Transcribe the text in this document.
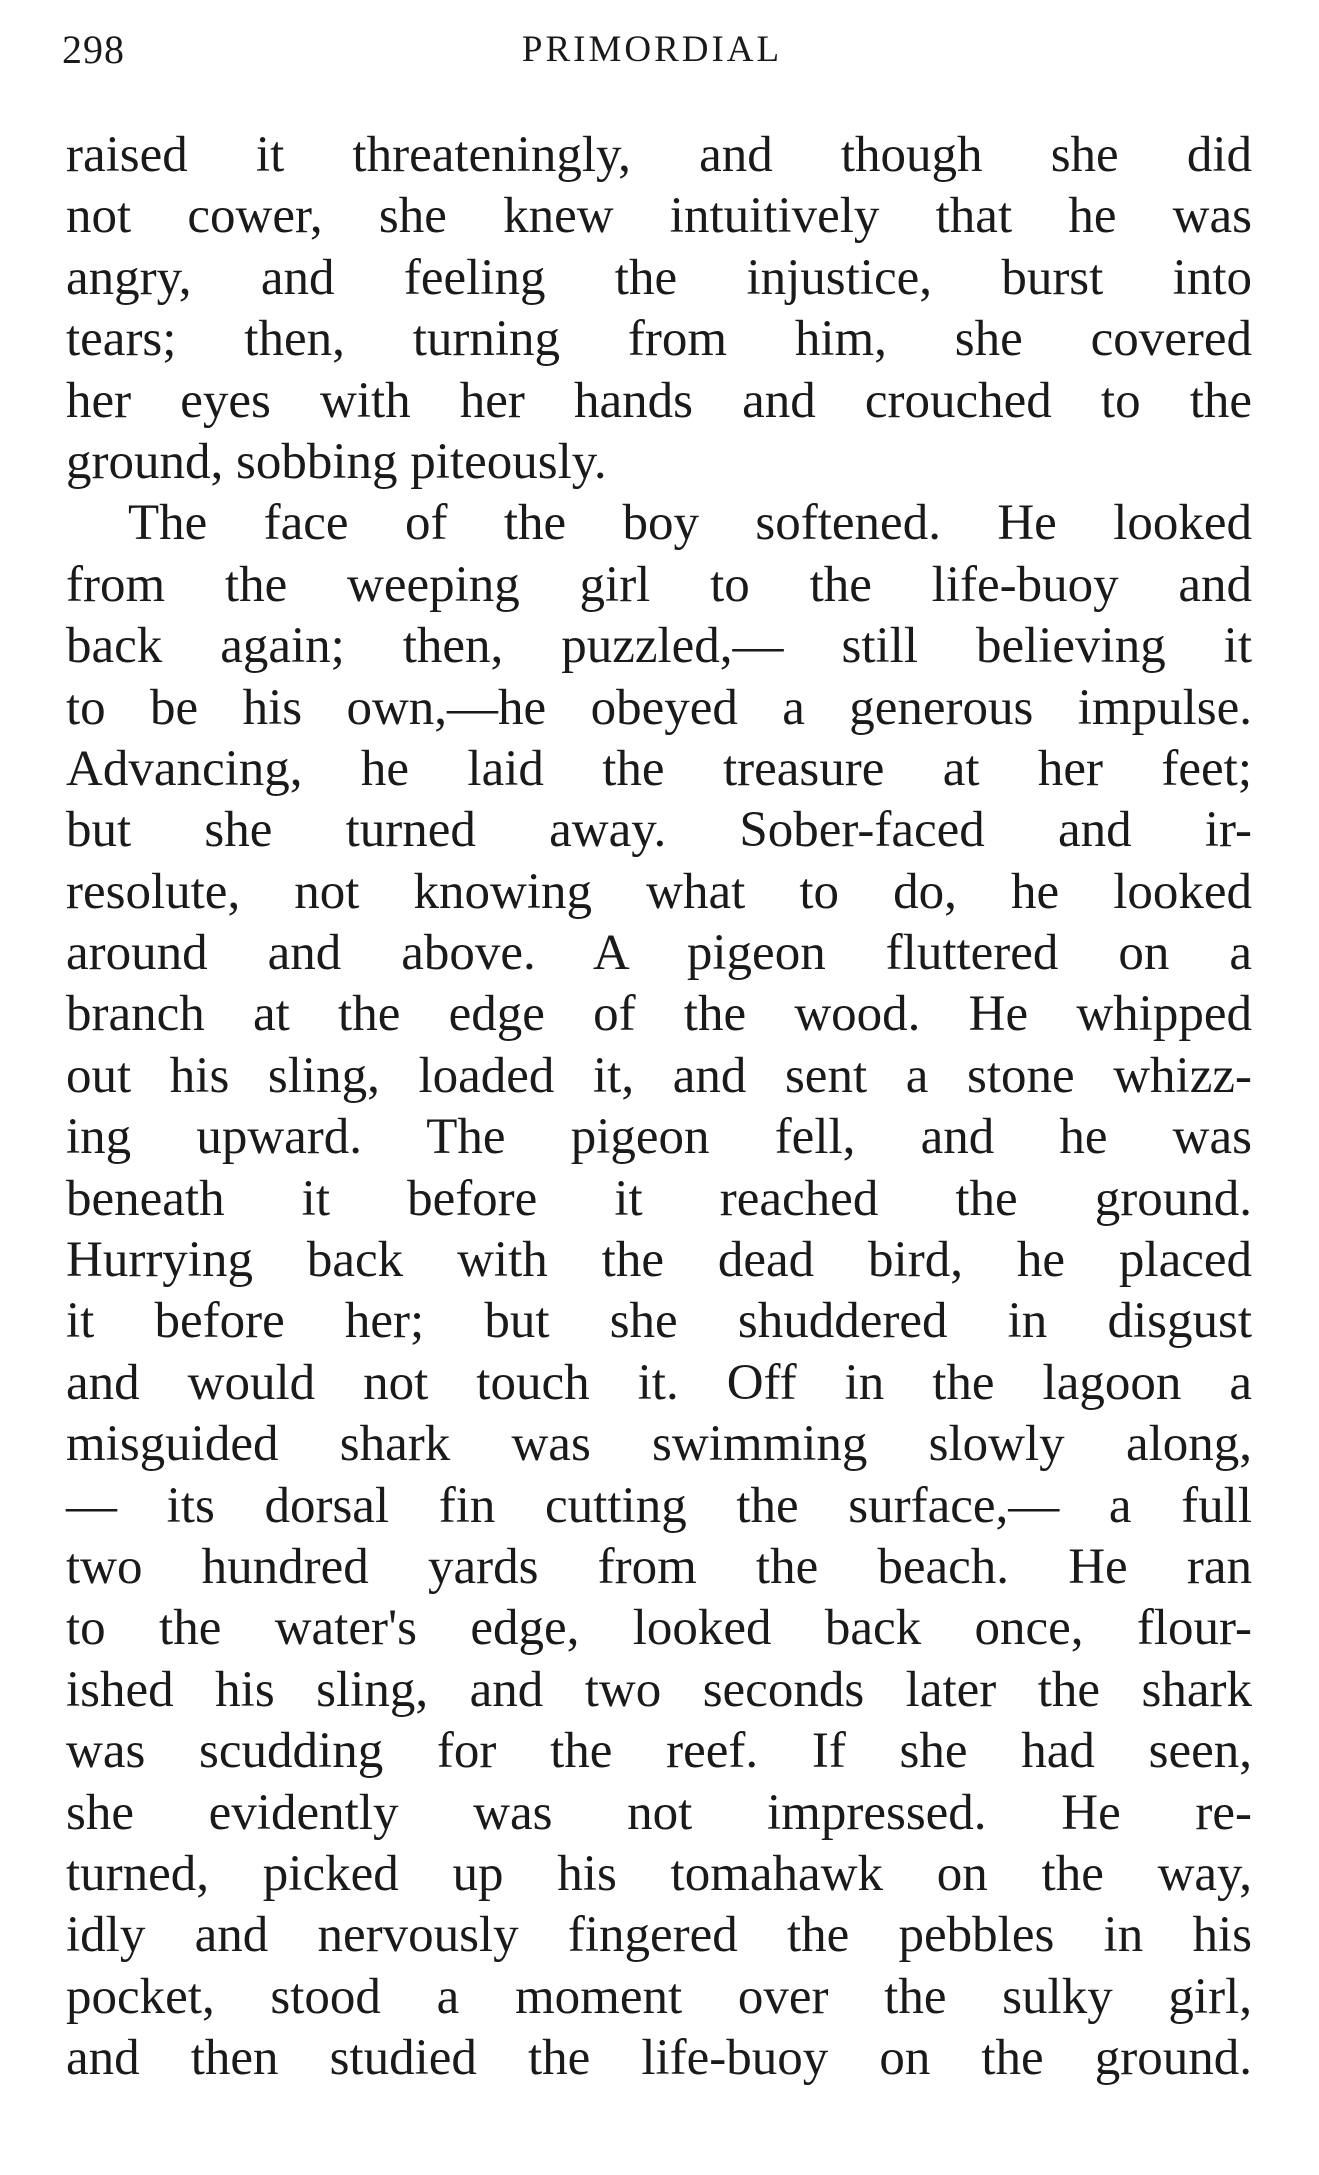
298	PRIMORDIAL
raised it threateningly, and though she did
not cower, she knew intuitively that he was
angry, and feeling the injustice, burst into
tears; then, turning from him, she covered
her eyes with her hands and crouched to the
ground, sobbing piteously.
The face of the boy softened. He looked
from the weeping girl to the life-buoy and
back again; then, puzzled,— still believing it
to be his own,—he obeyed a generous impulse.
Advancing, he laid the treasure at her feet;
but she turned away. Sober-faced and ir-
resolute, not knowing what to do, he looked
around and above. A pigeon fluttered on a
branch at the edge of the wood. He whipped
out his sling, loaded it, and sent a stone whizz-
ing upward. The pigeon fell, and he was
beneath it before it reached the ground.
Hurrying back with the dead bird, he placed
it before her; but she shuddered in disgust
and would not touch it. Off in the lagoon a
misguided shark was swimming slowly along,
— its dorsal fin cutting the surface,— a full
two hundred yards from the beach. He ran
to the water's edge, looked back once, flour-
ished his sling, and two seconds later the shark
was scudding for the reef. If she had seen,
she evidently was not impressed. He re-
turned, picked up his tomahawk on the way,
idly and nervously fingered the pebbles in his
pocket, stood a moment over the sulky girl,
and then studied the life-buoy on the ground.
